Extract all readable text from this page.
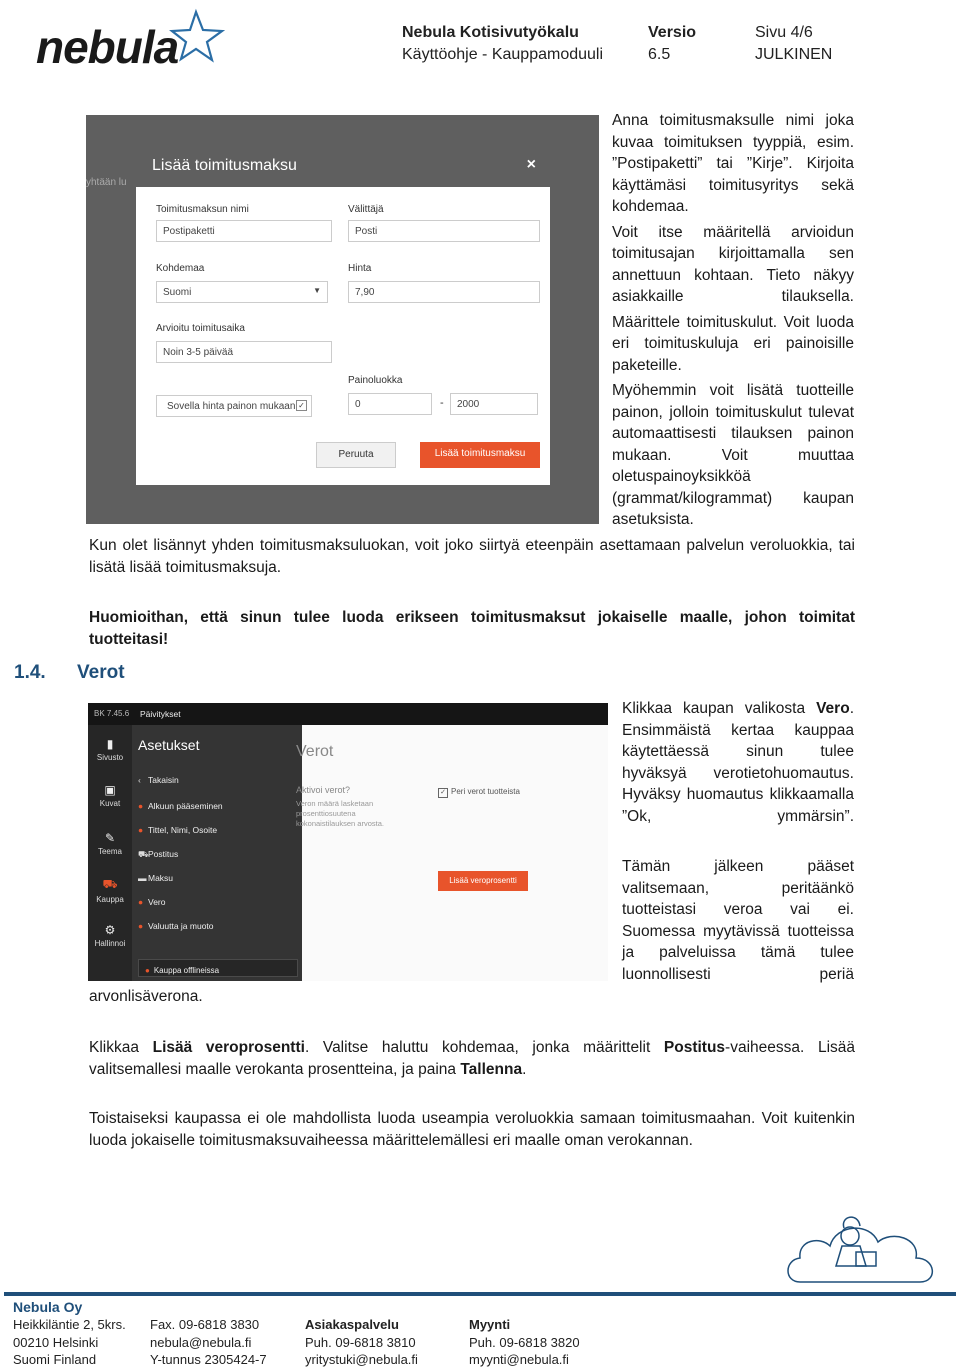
nebula	Nebula Kotisivutyökalu
Käyttöohje - Kauppamoduuli
Versio
6.5
Sivu 4/6
JULKINEN
yhtään lu
Lisää toimitusmaksu	×
Toimitusmaksun nimi
Postipaketti
Välittäjä
Posti
Kohdemaa
Suomi	▼
Hinta
7,90
Arvioitu toimitusaika
Noin 3-5 päivää
Painoluokka
0	-	2000
Sovella hinta painon mukaan ✓
Peruuta	Lisää toimitusmaksu
Anna toimitusmaksulle nimi joka kuvaa toimituksen tyyppiä, esim. ”Postipaketti” tai ”Kirje”. Kirjoita käyttämäsi toimitusyritys sekä kohdemaa.
Voit itse määritellä arvioidun toimitusajan kirjoittamalla sen annettuun kohtaan. Tieto näkyy asiakkaille tilauksella.
Määrittele toimituskulut. Voit luoda eri toimituskuluja eri painoisille paketeille.
Myöhemmin voit lisätä tuotteille painon, jolloin toimituskulut tulevat automaattisesti tilauksen painon mukaan. Voit muuttaa oletuspainoyksikköä (grammat/kilogrammat) kaupan asetuksista.
Kun olet lisännyt yhden toimitusmaksuluokan, voit joko siirtyä eteenpäin asettamaan palvelun veroluokkia, tai lisätä lisää toimitusmaksuja.
Huomioithan, että sinun tulee luoda erikseen toimitusmaksut jokaiselle maalle, johon toimitat tuotteitasi!
1.4. Verot
BK 7.45.6 Päivitykset
▮
Sivusto
▣
Kuvat
✎
Teema
⛟
Kauppa
⚙
Hallinnoi
Asetukset
‹ Takaisin
● Alkuun pääseminen
● Tittel, Nimi, Osoite
⛟Postitus
▬ Maksu
● Vero
● Valuutta ja muoto
● Kauppa offlineissa
Verot
Aktivoi verot?
Veron määrä lasketaan prosenttiosuutena kokonaistilauksen arvosta.
✓ Peri verot tuotteista
Lisää veroprosentti
Klikkaa kaupan valikosta Vero. Ensimmäistä kertaa kauppaa käytettäessä sinun tulee hyväksyä verotietohuomautus. Hyväksy huomautus klikkaamalla ”Ok, ymmärsin”.
Tämän jälkeen pääset valitsemaan, peritäänkö tuotteistasi veroa vai ei. Suomessa myytävissä tuotteissa ja palveluissa tämä tulee luonnollisesti periä
arvonlisäverona.
Klikkaa Lisää veroprosentti. Valitse haluttu kohdemaa, jonka määrittelit Postitus-vaiheessa. Lisää valitsemallesi maalle verokanta prosentteina, ja paina Tallenna.
Toistaiseksi kaupassa ei ole mahdollista luoda useampia veroluokkia samaan toimitusmaahan. Voit kuitenkin luoda jokaiselle toimitusmaksuvaiheessa määrittelemällesi eri maalle oman verokannan.
Nebula Oy
Heikkiläntie 2, 5krs.
00210 Helsinki
Suomi Finland
Fax. 09-6818 3830
nebula@nebula.fi
Y-tunnus 2305424-7
Asiakaspalvelu
Puh. 09-6818 3810
yritystuki@nebula.fi
Myynti
Puh. 09-6818 3820
myynti@nebula.fi
